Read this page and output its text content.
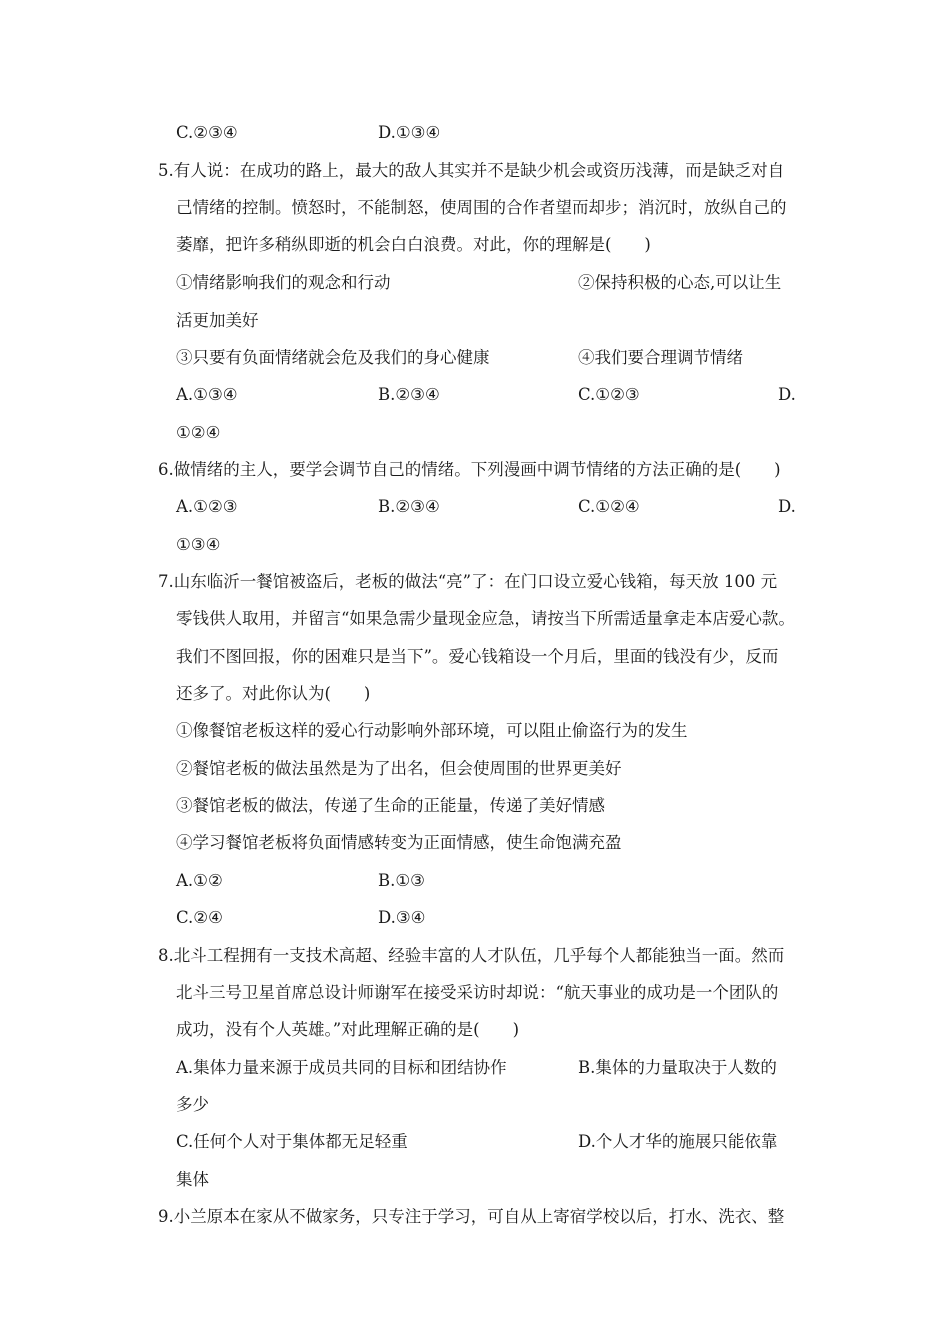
C.②③④	D.①③④
5.有人说：在成功的路上，最大的敌人其实并不是缺少机会或资历浅薄，而是缺乏对自
己情绪的控制。愤怒时，不能制怒，使周围的合作者望而却步；消沉时，放纵自己的
萎靡，把许多稍纵即逝的机会白白浪费。对此，你的理解是(　　)
①情绪影响我们的观念和行动	②保持积极的心态,可以让生
活更加美好
③只要有负面情绪就会危及我们的身心健康	④我们要合理调节情绪
A.①③④	B.②③④	C.①②③	D.
①②④
6.做情绪的主人，要学会调节自己的情绪。下列漫画中调节情绪的方法正确的是(　　)
A.①②③	B.②③④	C.①②④	D.
①③④
7.山东临沂一餐馆被盗后，老板的做法“亮”了：在门口设立爱心钱箱，每天放 100 元
零钱供人取用，并留言“如果急需少量现金应急，请按当下所需适量拿走本店爱心款。
我们不图回报，你的困难只是当下”。爱心钱箱设一个月后，里面的钱没有少，反而
还多了。对此你认为(　　)
①像餐馆老板这样的爱心行动影响外部环境，可以阻止偷盗行为的发生
②餐馆老板的做法虽然是为了出名，但会使周围的世界更美好
③餐馆老板的做法，传递了生命的正能量，传递了美好情感
④学习餐馆老板将负面情感转变为正面情感，使生命饱满充盈
A.①②	B.①③
C.②④	D.③④
8.北斗工程拥有一支技术高超、经验丰富的人才队伍，几乎每个人都能独当一面。然而
北斗三号卫星首席总设计师谢军在接受采访时却说：“航天事业的成功是一个团队的
成功，没有个人英雄。”对此理解正确的是(　　)
A.集体力量来源于成员共同的目标和团结协作	B.集体的力量取决于人数的
多少
C.任何个人对于集体都无足轻重	D.个人才华的施展只能依靠
集体
9.小兰原本在家从不做家务，只专注于学习，可自从上寄宿学校以后，打水、洗衣、整
